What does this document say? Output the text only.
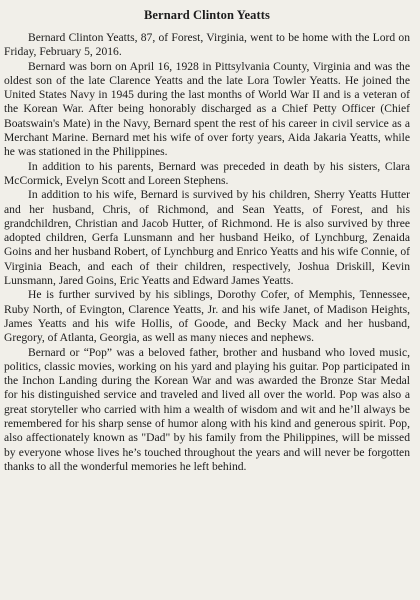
Bernard Clinton Yeatts

Bernard Clinton Yeatts, 87, of Forest, Virginia, went to be home with the Lord on Friday, February 5, 2016.

Bernard was born on April 16, 1928 in Pittsylvania County, Virginia and was the oldest son of the late Clarence Yeatts and the late Lora Towler Yeatts. He joined the United States Navy in 1945 during the last months of World War II and is a veteran of the Korean War. After being honorably discharged as a Chief Petty Officer (Chief Boatswain's Mate) in the Navy, Bernard spent the rest of his career in civil service as a Merchant Marine. Bernard met his wife of over forty years, Aida Jakaria Yeatts, while he was stationed in the Philippines.

In addition to his parents, Bernard was preceded in death by his sisters, Clara McCormick, Evelyn Scott and Loreen Stephens.

In addition to his wife, Bernard is survived by his children, Sherry Yeatts Hutter and her husband, Chris, of Richmond, and Sean Yeatts, of Forest, and his grandchildren, Christian and Jacob Hutter, of Richmond. He is also survived by three adopted children, Gerfa Lunsmann and her husband Heiko, of Lynchburg, Zenaida Goins and her husband Robert, of Lynchburg and Enrico Yeatts and his wife Connie, of Virginia Beach, and each of their children, respectively, Joshua Driskill, Kevin Lunsmann, Jared Goins, Eric Yeatts and Edward James Yeatts.

He is further survived by his siblings, Dorothy Cofer, of Memphis, Tennessee, Ruby North, of Evington, Clarence Yeatts, Jr. and his wife Janet, of Madison Heights, James Yeatts and his wife Hollis, of Goode, and Becky Mack and her husband, Gregory, of Atlanta, Georgia, as well as many nieces and nephews.

Bernard or “Pop” was a beloved father, brother and husband who loved music, politics, classic movies, working on his yard and playing his guitar. Pop participated in the Inchon Landing during the Korean War and was awarded the Bronze Star Medal for his distinguished service and traveled and lived all over the world. Pop was also a great storyteller who carried with him a wealth of wisdom and wit and he’ll always be remembered for his sharp sense of humor along with his kind and generous spirit. Pop, also affectionately known as "Dad" by his family from the Philippines, will be missed by everyone whose lives he’s touched throughout the years and will never be forgotten thanks to all the wonderful memories he left behind.
